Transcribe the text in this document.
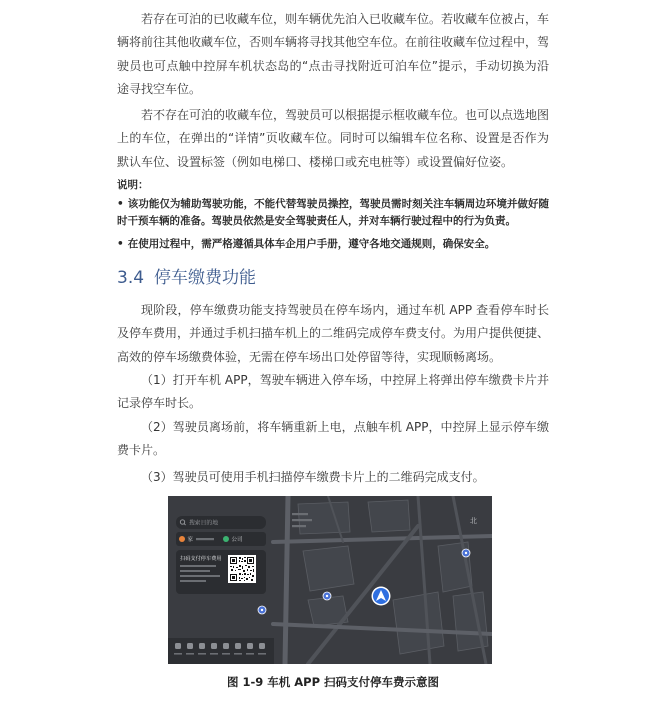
若存在可泊的已收藏车位，则车辆优先泊入已收藏车位。若收藏车位被占，车辆将前往其他收藏车位，否则车辆将寻找其他空车位。在前往收藏车位过程中，驾驶员也可点触中控屏车机状态岛的“点击寻找附近可泊车位”提示，手动切换为沿途寻找空车位。

若不存在可泊的收藏车位，驾驶员可以根据提示框收藏车位。也可以点选地图上的车位，在弹出的“详情”页收藏车位。同时可以编辑车位名称、设置是否作为默认车位、设置标签（例如电梯口、楼梯口或充电桩等）或设置偏好位姿。

说明：
• 该功能仅为辅助驾驶功能，不能代替驾驶员操控，驾驶员需时刻关注车辆周边环境并做好随时干预车辆的准备。驾驶员依然是安全驾驶责任人，并对车辆行驶过程中的行为负责。
• 在使用过程中，需严格遵循具体车企用户手册，遵守各地交通规则，确保安全。
3.4 停车缴费功能

现阶段，停车缴费功能支持驾驶员在停车场内，通过车机 APP 查看停车时长及停车费用，并通过手机扫描车机上的二维码完成停车费支付。为用户提供便捷、高效的停车场缴费体验，无需在停车场出口处停留等待，实现顺畅离场。

（1）打开车机 APP，驾驶车辆进入停车场，中控屏上将弹出停车缴费卡片并记录停车时长。

（2）驾驶员离场前，将车辆重新上电，点触车机 APP，中控屏上显示停车缴费卡片。

（3）驾驶员可使用手机扫描停车缴费卡片上的二维码完成支付。

北
搜索目的地
家	公司
扫码支付停车费用
图 1-9 车机 APP 扫码支付停车费示意图
